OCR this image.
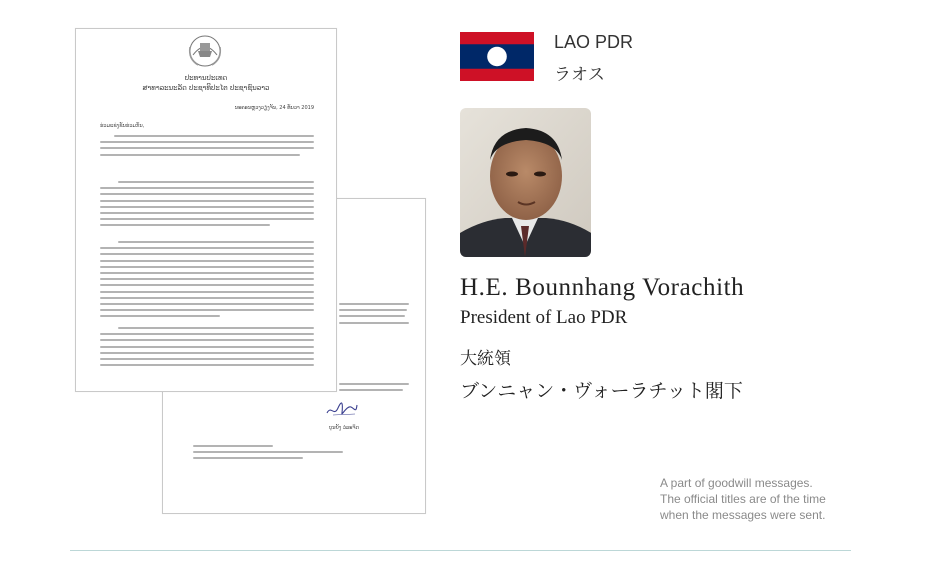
ບຸນຍັງ ວໍລະຈິດ
ປະທານປະເທດ
ສາທາລະນະລັດ ປະຊາທິປະໄຕ ປະຊາຊົນລາວ
ນະຄອນຫຼວງວຽງຈັນ, 24 ທັນວາ 2019
ຮ່ວມແຂ່ງຂັນຮ່ວມກັນ,
LAO PDR
ラオス
H.E. Bounnhang Vorachith
President of Lao PDR
大統領
ブンニャン・ヴォーラチット閣下
A part of goodwill messages.
The official titles are of the time
when the messages were sent.
